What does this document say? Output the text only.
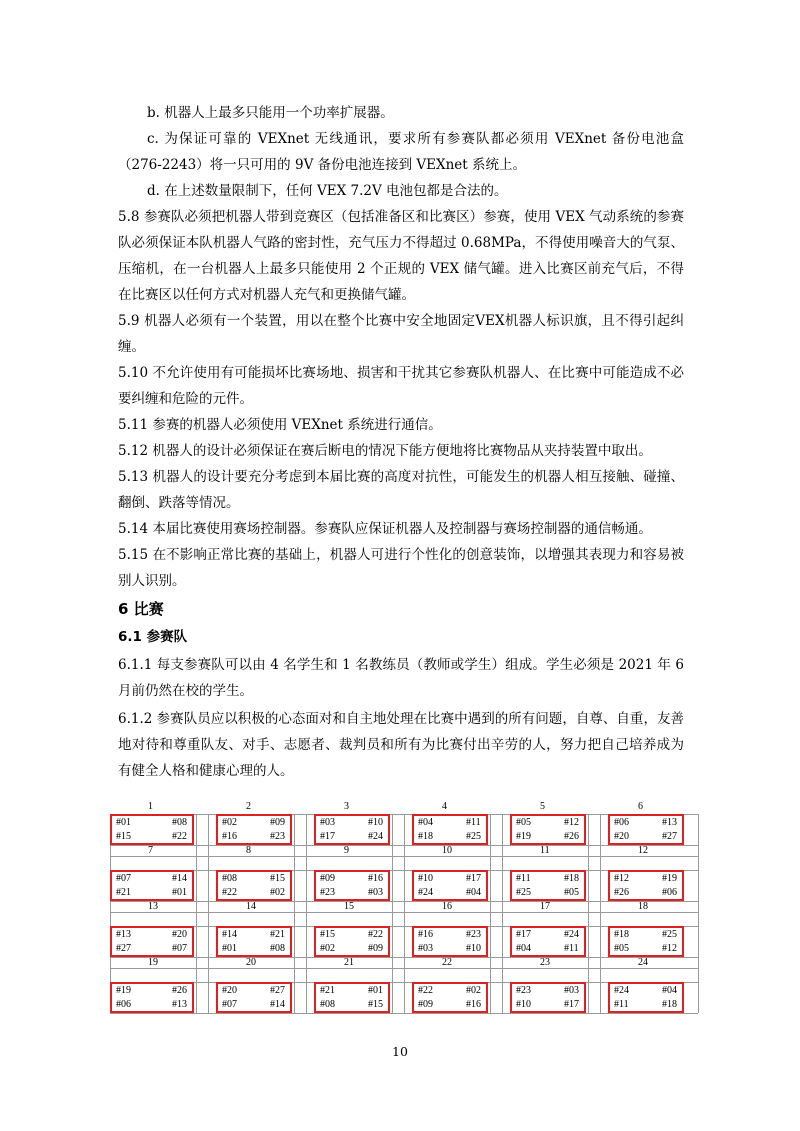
b. 机器人上最多只能用一个功率扩展器。

c. 为保证可靠的 VEXnet 无线通讯，要求所有参赛队都必须用 VEXnet 备份电池盒（276-2243）将一只可用的 9V 备份电池连接到 VEXnet 系统上。

d. 在上述数量限制下，任何 VEX 7.2V 电池包都是合法的。

5.8 参赛队必须把机器人带到竞赛区（包括准备区和比赛区）参赛，使用 VEX 气动系统的参赛队必须保证本队机器人气路的密封性，充气压力不得超过 0.68MPa，不得使用噪音大的气泵、压缩机，在一台机器人上最多只能使用 2 个正规的 VEX 储气罐。进入比赛区前充气后，不得在比赛区以任何方式对机器人充气和更换储气罐。

5.9 机器人必须有一个装置，用以在整个比赛中安全地固定VEX机器人标识旗，且不得引起纠缠。

5.10 不允许使用有可能损坏比赛场地、损害和干扰其它参赛队机器人、在比赛中可能造成不必要纠缠和危险的元件。

5.11 参赛的机器人必须使用 VEXnet 系统进行通信。

5.12 机器人的设计必须保证在赛后断电的情况下能方便地将比赛物品从夹持装置中取出。

5.13 机器人的设计要充分考虑到本届比赛的高度对抗性，可能发生的机器人相互接触、碰撞、翻倒、跌落等情况。

5.14 本届比赛使用赛场控制器。参赛队应保证机器人及控制器与赛场控制器的通信畅通。

5.15 在不影响正常比赛的基础上，机器人可进行个性化的创意装饰，以增强其表现力和容易被别人识别。

6 比赛

6.1 参赛队

6.1.1 每支参赛队可以由 4 名学生和 1 名教练员（教师或学生）组成。学生必须是 2021 年 6 月前仍然在校的学生。

6.1.2 参赛队员应以积极的心态面对和自主地处理在比赛中遇到的所有问题，自尊、自重，友善地对待和尊重队友、对手、志愿者、裁判员和所有为比赛付出辛劳的人，努力把自己培养成为有健全人格和健康心理的人。

1	2	3	4	5	6
#01	#08
#15	#22
#02	#09
#16	#23
#03	#10
#17	#24
#04	#11
#18	#25
#05	#12
#19	#26
#06	#13
#20	#27
7	8	9	10	11	12
#07	#14
#21	#01
#08	#15
#22	#02
#09	#16
#23	#03
#10	#17
#24	#04
#11	#18
#25	#05
#12	#19
#26	#06
13	14	15	16	17	18
#13	#20
#27	#07
#14	#21
#01	#08
#15	#22
#02	#09
#16	#23
#03	#10
#17	#24
#04	#11
#18	#25
#05	#12
19	20	21	22	23	24
#19	#26
#06	#13
#20	#27
#07	#14
#21	#01
#08	#15
#22	#02
#09	#16
#23	#03
#10	#17
#24	#04
#11	#18
10
